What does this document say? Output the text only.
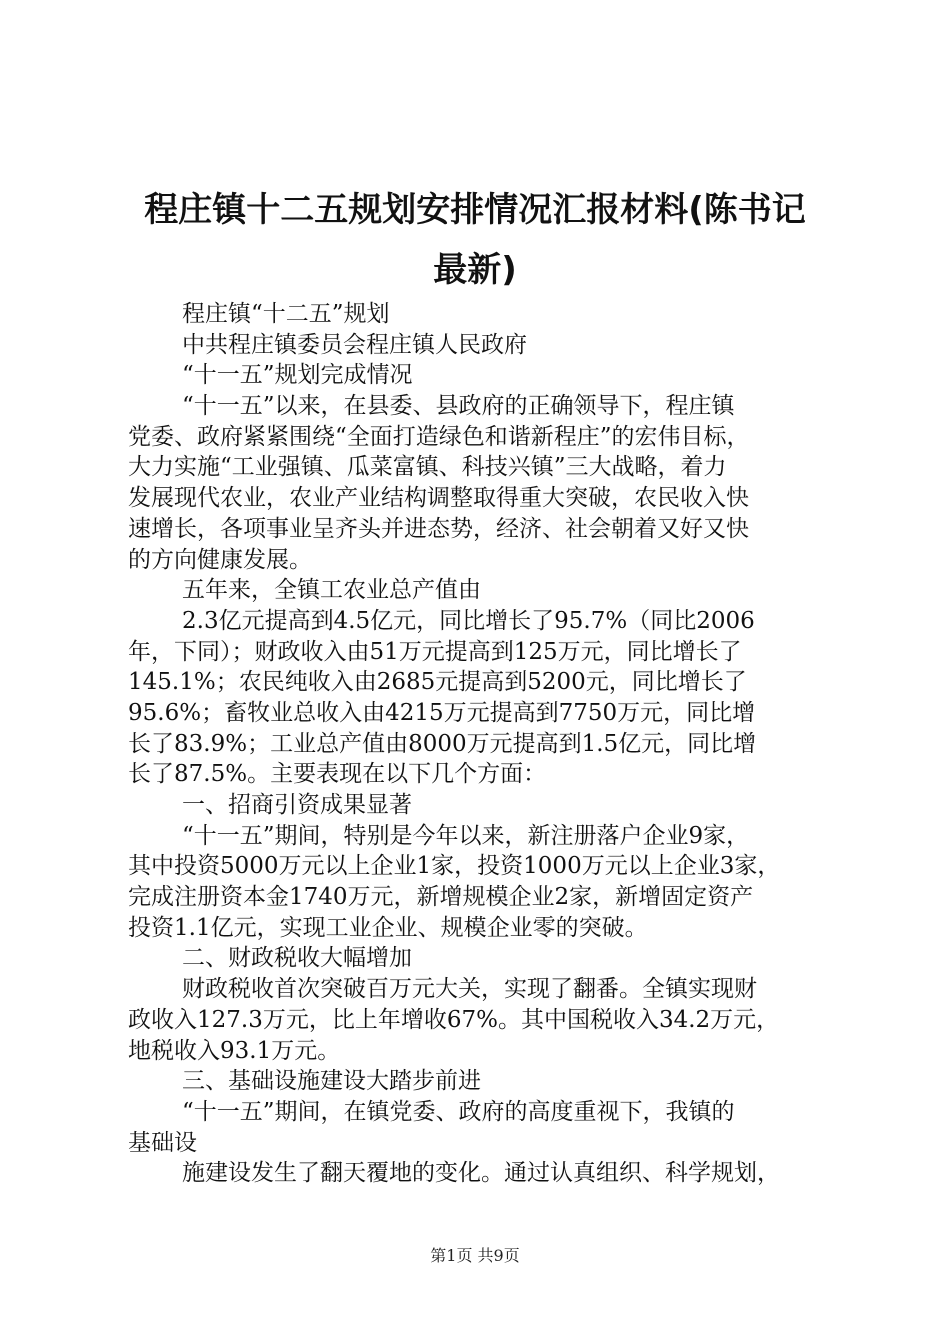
程庄镇十二五规划安排情况汇报材料(陈书记
最新)
程庄镇“十二五”规划
中共程庄镇委员会程庄镇人民政府
“十一五”规划完成情况
“十一五”以来，在县委、县政府的正确领导下，程庄镇
党委、政府紧紧围绕“全面打造绿色和谐新程庄”的宏伟目标，
大力实施“工业强镇、瓜菜富镇、科技兴镇”三大战略，着力
发展现代农业，农业产业结构调整取得重大突破，农民收入快
速增长，各项事业呈齐头并进态势，经济、社会朝着又好又快
的方向健康发展。
五年来，全镇工农业总产值由
2.3亿元提高到4.5亿元，同比增长了95.7%（同比2006
年，下同）；财政收入由51万元提高到125万元，同比增长了
145.1%；农民纯收入由2685元提高到5200元，同比增长了
95.6%；畜牧业总收入由4215万元提高到7750万元，同比增
长了83.9%；工业总产值由8000万元提高到1.5亿元，同比增
长了87.5%。主要表现在以下几个方面：
一、招商引资成果显著
“十一五”期间，特别是今年以来，新注册落户企业9家，
其中投资5000万元以上企业1家，投资1000万元以上企业3家，
完成注册资本金1740万元，新增规模企业2家，新增固定资产
投资1.1亿元，实现工业企业、规模企业零的突破。
二、财政税收大幅增加
财政税收首次突破百万元大关，实现了翻番。全镇实现财
政收入127.3万元，比上年增收67%。其中国税收入34.2万元，
地税收入93.1万元。
三、基础设施建设大踏步前进
“十一五”期间，在镇党委、政府的高度重视下，我镇的
基础设
施建设发生了翻天覆地的变化。通过认真组织、科学规划，
第1页 共9页
